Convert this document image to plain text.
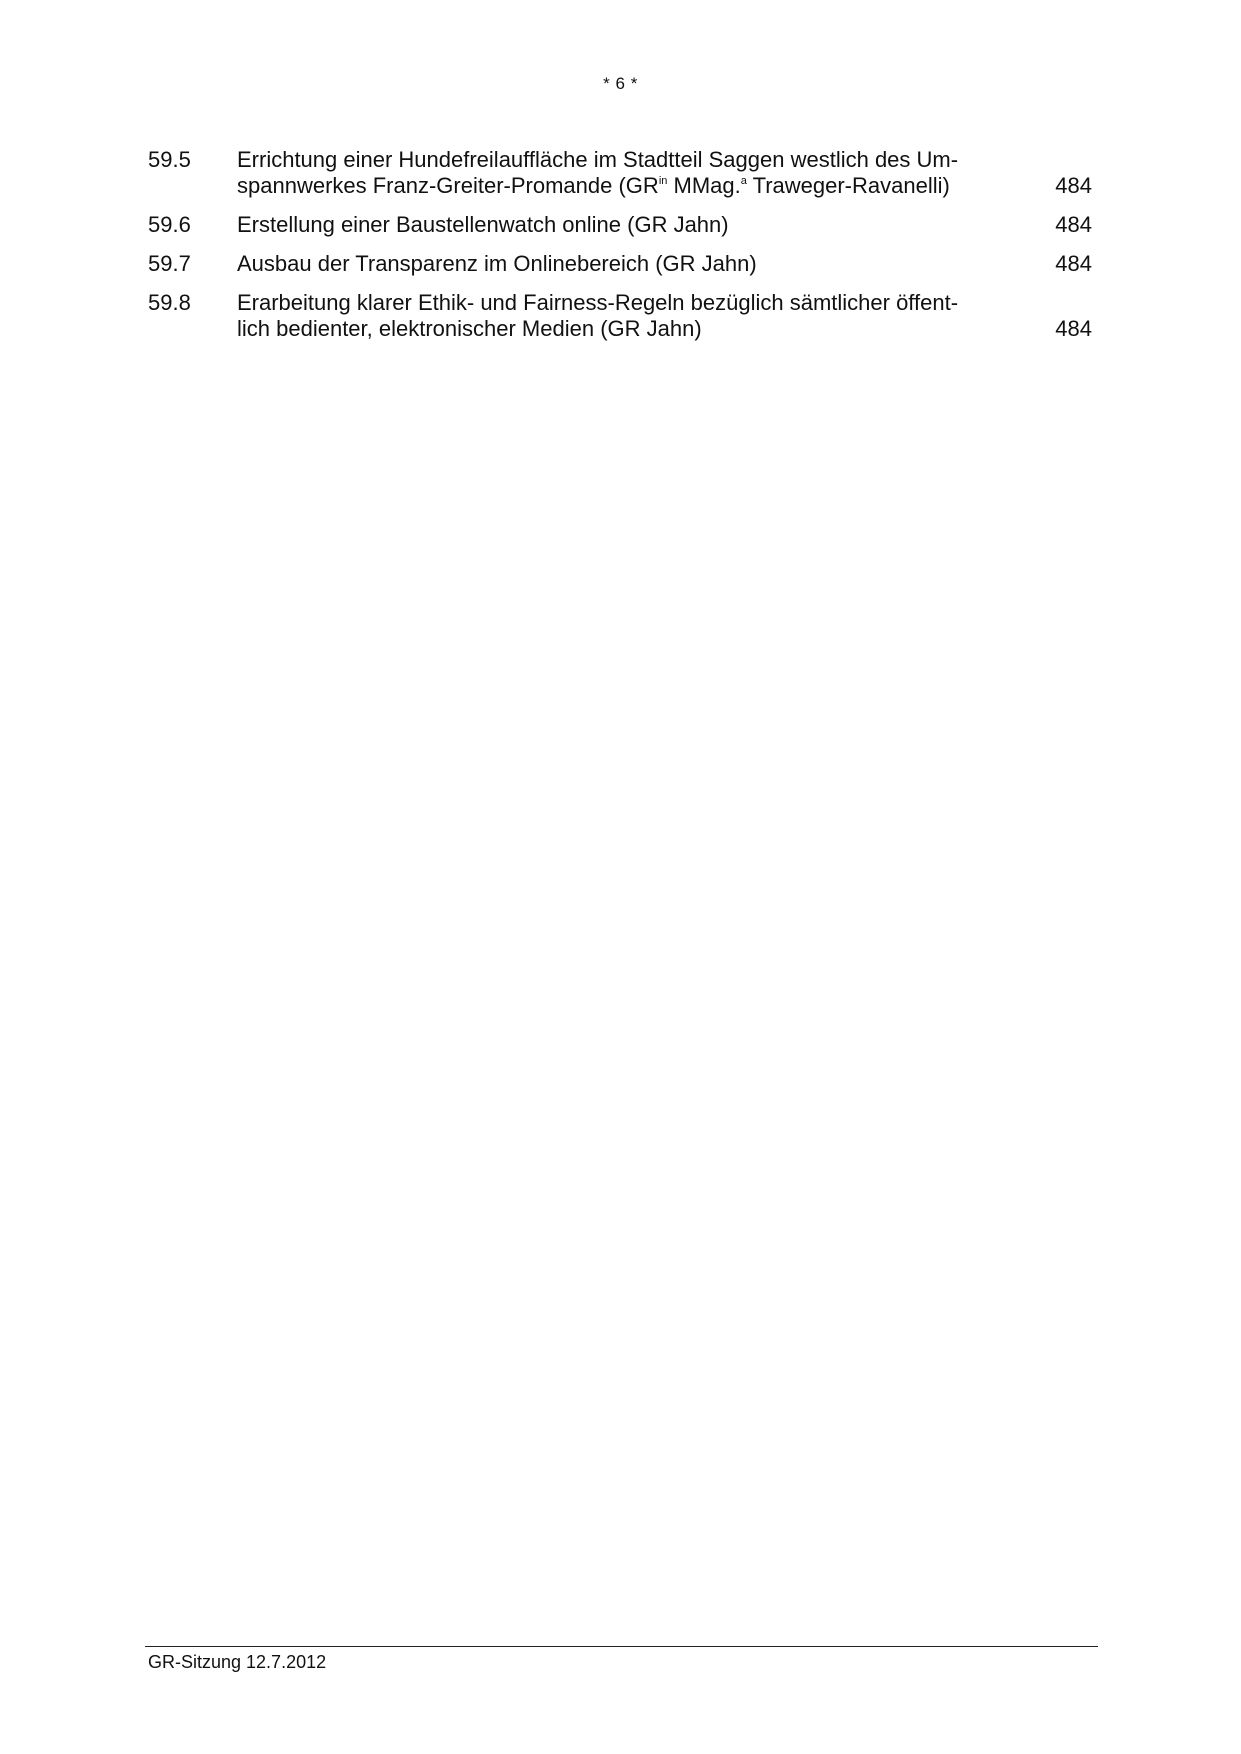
* 6 *
59.5 Errichtung einer Hundefreilauffläche im Stadtteil Saggen westlich des Um-
spannwerkes Franz-Greiter-Promande ($GR^{in}$ MMag.$^a$ Traweger-Ravanelli)	484
59.6 Erstellung einer Baustellenwatch online (GR Jahn)	484
59.7 Ausbau der Transparenz im Onlinebereich (GR Jahn)	484
59.8 Erarbeitung klarer Ethik- und Fairness-Regeln bezüglich sämtlicher öffent-
lich bedienter, elektronischer Medien (GR Jahn)	484
GR-Sitzung 12.7.2012
